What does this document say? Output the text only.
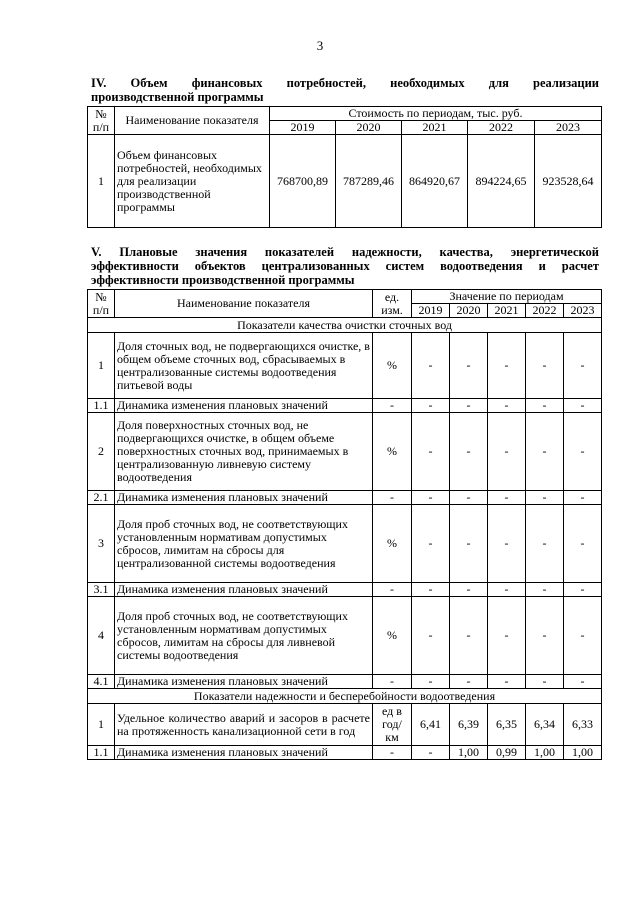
3
IV. Объем финансовых потребностей, необходимых для реализации
производственной программы
№ п/п	Наименование показателя	Стоимость по периодам, тыс. руб.				
		2019	2020	2021	2022	2023
1	Объем финансовых потребностей, необходимых для реализации производственной программы	768700,89	787289,46	864920,67	894224,65	923528,64
V. Плановые значения показателей надежности, качества, энергетической
эффективности объектов централизованных систем водоотведения и расчет
эффективности производственной программы
№ п/п	Наименование показателя	ед. изм.	Значение по периодам				
			2019	2020	2021	2022	2023
Показатели качества очистки сточных вод							
1	Доля сточных вод, не подвергающихся очистке, в общем объеме сточных вод, сбрасываемых в централизованные системы водоотведения питьевой воды	%	-	-	-	-	-
1.1	Динамика изменения плановых значений	-	-	-	-	-	-
2	Доля поверхностных сточных вод, не подвергающихся очистке, в общем объеме поверхностных сточных вод, принимаемых в централизованную ливневую систему водоотведения	%	-	-	-	-	-
2.1	Динамика изменения плановых значений	-	-	-	-	-	-
3	Доля проб сточных вод, не соответствующих установленным нормативам допустимых сбросов, лимитам на сбросы для централизованной системы водоотведения	%	-	-	-	-	-
3.1	Динамика изменения плановых значений	-	-	-	-	-	-
4	Доля проб сточных вод, не соответствующих установленным нормативам допустимых сбросов, лимитам на сбросы для ливневой системы водоотведения	%	-	-	-	-	-
4.1	Динамика изменения плановых значений	-	-	-	-	-	-
Показатели надежности и бесперебойности водоотведения							
1	Удельное количество аварий и засоров в расчете на протяженность канализационной сети в год	ед в год/ км	6,41	6,39	6,35	6,34	6,33
1.1	Динамика изменения плановых значений	-	-	1,00	0,99	1,00	1,00
